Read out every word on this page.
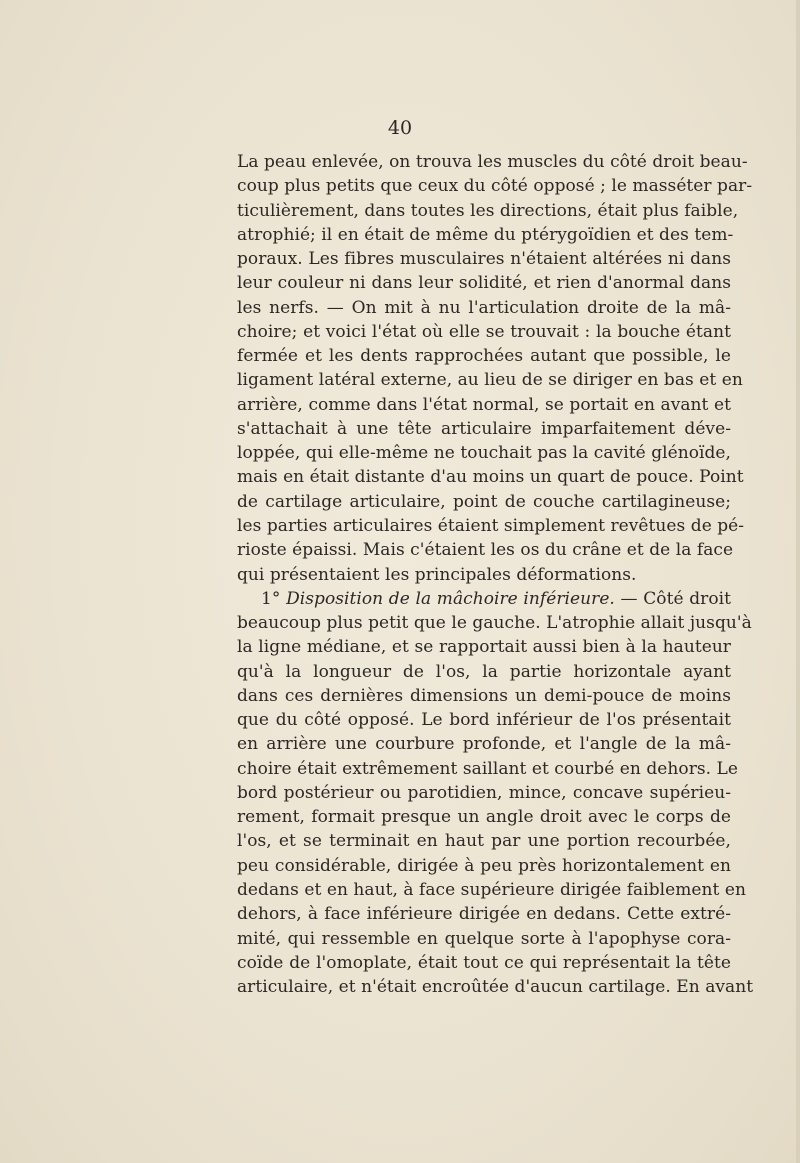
40
La peau enlevée, on trouva les muscles du côté droit beau-
coup plus petits que ceux du côté opposé ; le masséter par-
ticulièrement, dans toutes les directions, était plus faible,
atrophié; il en était de même du ptérygoïdien et des tem-
poraux. Les fibres musculaires n'étaient altérées ni dans
leur couleur ni dans leur solidité, et rien d'anormal dans
les nerfs. — On mit à nu l'articulation droite de la mâ-
choire; et voici l'état où elle se trouvait : la bouche étant
fermée et les dents rapprochées autant que possible, le
ligament latéral externe, au lieu de se diriger en bas et en
arrière, comme dans l'état normal, se portait en avant et
s'attachait à une tête articulaire imparfaitement déve-
loppée, qui elle-même ne touchait pas la cavité glénoïde,
mais en était distante d'au moins un quart de pouce. Point
de cartilage articulaire, point de couche cartilagineuse;
les parties articulaires étaient simplement revêtues de pé-
rioste épaissi. Mais c'étaient les os du crâne et de la face
qui présentaient les principales déformations.
1° Disposition de la mâchoire inférieure. — Côté droit
beaucoup plus petit que le gauche. L'atrophie allait jusqu'à
la ligne médiane, et se rapportait aussi bien à la hauteur
qu'à la longueur de l'os, la partie horizontale ayant
dans ces dernières dimensions un demi-pouce de moins
que du côté opposé. Le bord inférieur de l'os présentait
en arrière une courbure profonde, et l'angle de la mâ-
choire était extrêmement saillant et courbé en dehors. Le
bord postérieur ou parotidien, mince, concave supérieu-
rement, formait presque un angle droit avec le corps de
l'os, et se terminait en haut par une portion recourbée,
peu considérable, dirigée à peu près horizontalement en
dedans et en haut, à face supérieure dirigée faiblement en
dehors, à face inférieure dirigée en dedans. Cette extré-
mité, qui ressemble en quelque sorte à l'apophyse cora-
coïde de l'omoplate, était tout ce qui représentait la tête
articulaire, et n'était encroûtée d'aucun cartilage. En avant
